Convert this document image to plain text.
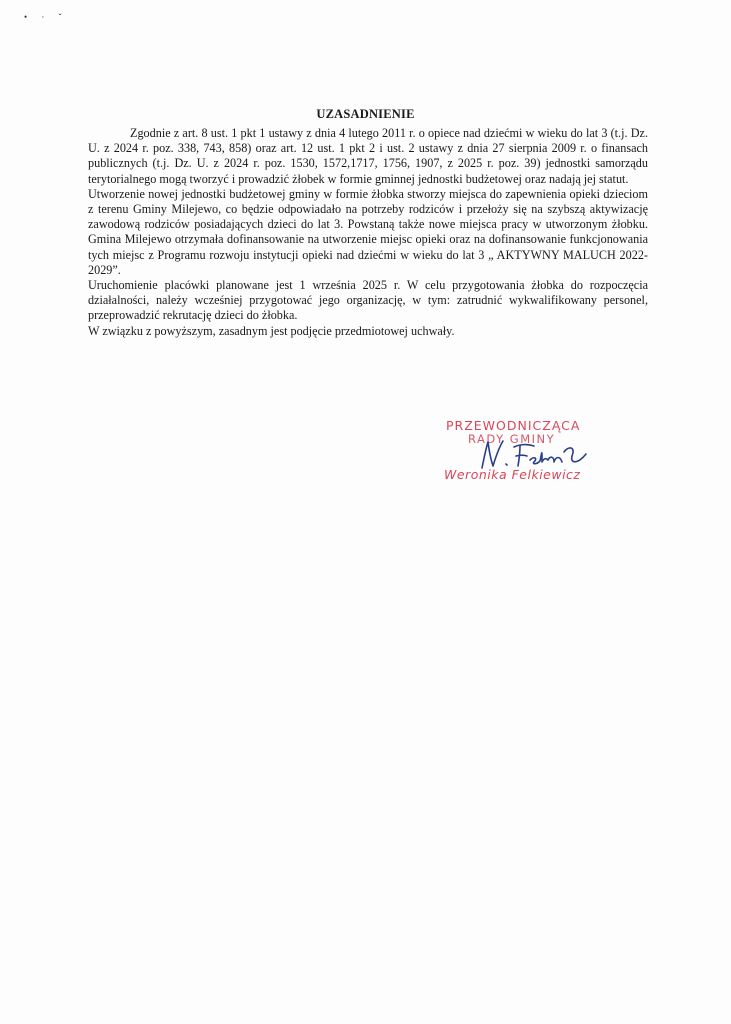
• · ˇ
UZASADNIENIE

Zgodnie z art. 8 ust. 1 pkt 1 ustawy z dnia 4 lutego 2011 r. o opiece nad dziećmi w wieku do lat 3 (t.j. Dz. U. z 2024 r. poz. 338, 743, 858) oraz art. 12 ust. 1 pkt 2 i ust. 2 ustawy z dnia 27 sierpnia 2009 r. o finansach publicznych (t.j. Dz. U. z 2024 r. poz. 1530, 1572,1717, 1756, 1907, z 2025 r. poz. 39) jednostki samorządu terytorialnego mogą tworzyć i prowadzić żłobek w formie gminnej jednostki budżetowej oraz nadają jej statut.

Utworzenie nowej jednostki budżetowej gminy w formie żłobka stworzy miejsca do zapewnienia opieki dzieciom z terenu Gminy Milejewo, co będzie odpowiadało na potrzeby rodziców i przełoży się na szybszą aktywizację zawodową rodziców posiadających dzieci do lat 3. Powstaną także nowe miejsca pracy w utworzonym żłobku. Gmina Milejewo otrzymała dofinansowanie na utworzenie miejsc opieki oraz na dofinansowanie funkcjonowania tych miejsc z Programu rozwoju instytucji opieki nad dziećmi w wieku do lat 3 „ AKTYWNY MALUCH 2022-2029”.

Uruchomienie placówki planowane jest 1 września 2025 r. W celu przygotowania żłobka do rozpoczęcia działalności, należy wcześniej przygotować jego organizację, w tym: zatrudnić wykwalifikowany personel, przeprowadzić rekrutację dzieci do żłobka.

W związku z powyższym, zasadnym jest podjęcie przedmiotowej uchwały.

PRZEWODNICZĄCA
RADY GMINY
Weronika Felkiewicz
